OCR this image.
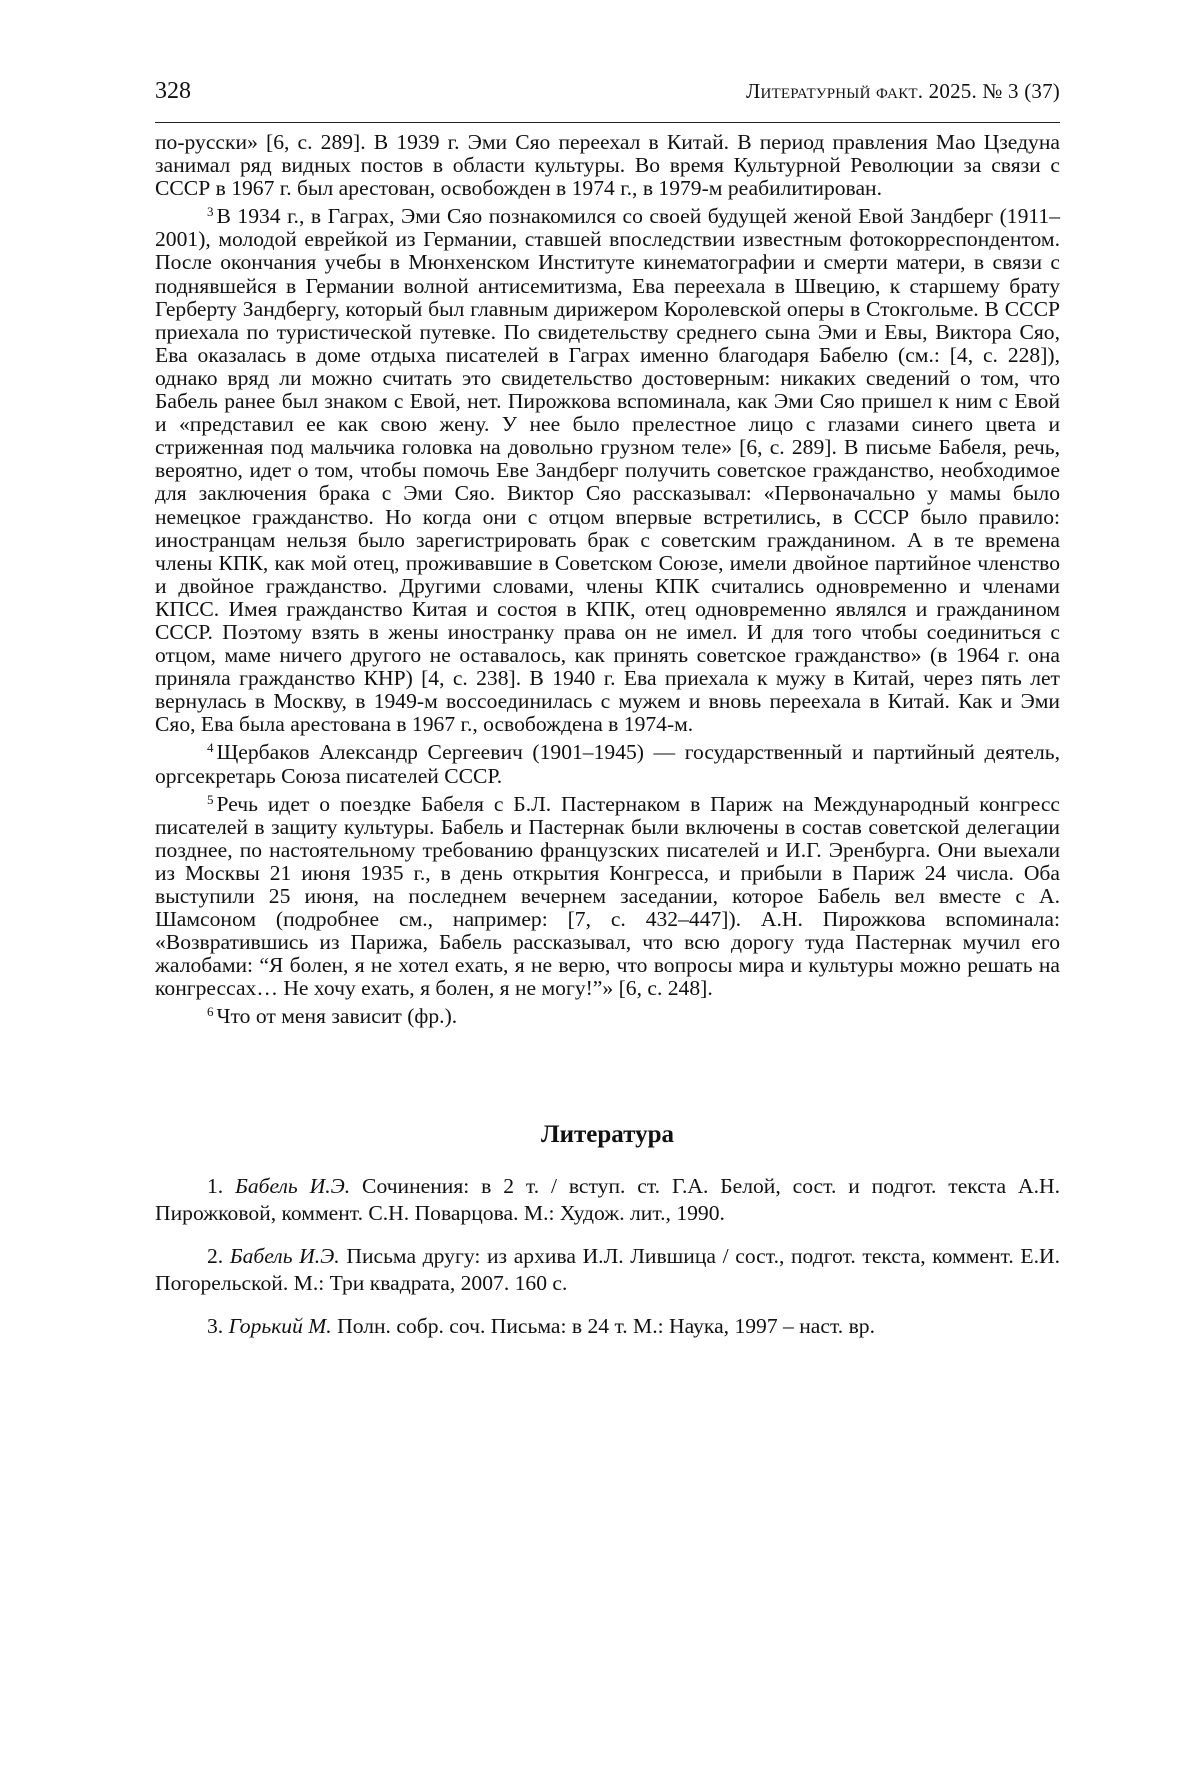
328	Литературный факт. 2025. № 3 (37)

по-русски» [6, с. 289]. В 1939 г. Эми Сяо переехал в Китай. В период правления Мао Цзедуна занимал ряд видных постов в области культуры. Во время Культурной Революции за связи с СССР в 1967 г. был арестован, освобожден в 1974 г., в 1979-м реабилитирован.

$^3$ В 1934 г., в Гаграх, Эми Сяо познакомился со своей будущей женой Евой Зандберг (1911–2001), молодой еврейкой из Германии, ставшей впоследствии известным фотокорреспондентом. После окончания учебы в Мюнхенском Институте кинематографии и смерти матери, в связи с поднявшейся в Германии волной антисемитизма, Ева переехала в Швецию, к старшему брату Герберту Зандбергу, который был главным дирижером Королевской оперы в Стокгольме. В СССР приехала по туристической путевке. По свидетельству среднего сына Эми и Евы, Виктора Сяо, Ева оказалась в доме отдыха писателей в Гаграх именно благодаря Бабелю (см.: [4, с. 228]), однако вряд ли можно считать это свидетельство достоверным: никаких сведений о том, что Бабель ранее был знаком с Евой, нет. Пирожкова вспоминала, как Эми Сяо пришел к ним с Евой и «представил ее как свою жену. У нее было прелестное лицо с глазами синего цвета и стриженная под мальчика головка на довольно грузном теле» [6, с. 289]. В письме Бабеля, речь, вероятно, идет о том, чтобы помочь Еве Зандберг получить советское гражданство, необходимое для заключения брака с Эми Сяо. Виктор Сяо рассказывал: «Первоначально у мамы было немецкое гражданство. Но когда они с отцом впервые встретились, в СССР было правило: иностранцам нельзя было зарегистрировать брак с советским гражданином. А в те времена члены КПК, как мой отец, проживавшие в Советском Союзе, имели двойное партийное членство и двойное гражданство. Другими словами, члены КПК считались одновременно и членами КПСС. Имея гражданство Китая и состоя в КПК, отец одновременно являлся и гражданином СССР. Поэтому взять в жены иностранку права он не имел. И для того чтобы соединиться с отцом, маме ничего другого не оставалось, как принять советское гражданство» (в 1964 г. она приняла гражданство КНР) [4, с. 238]. В 1940 г. Ева приехала к мужу в Китай, через пять лет вернулась в Москву, в 1949-м воссоединилась с мужем и вновь переехала в Китай. Как и Эми Сяо, Ева была арестована в 1967 г., освобождена в 1974-м.

$^4$ Щербаков Александр Сергеевич (1901–1945) — государственный и партийный деятель, оргсекретарь Союза писателей СССР.

$^5$ Речь идет о поездке Бабеля с Б.Л. Пастернаком в Париж на Международный конгресс писателей в защиту культуры. Бабель и Пастернак были включены в состав советской делегации позднее, по настоятельному требованию французских писателей и И.Г. Эренбурга. Они выехали из Москвы 21 июня 1935 г., в день открытия Конгресса, и прибыли в Париж 24 числа. Оба выступили 25 июня, на последнем вечернем заседании, которое Бабель вел вместе с А. Шамсоном (подробнее см., например: [7, с. 432–447]). А.Н. Пирожкова вспоминала: «Возвратившись из Парижа, Бабель рассказывал, что всю дорогу туда Пастернак мучил его жалобами: “Я болен, я не хотел ехать, я не верю, что вопросы мира и культуры можно решать на конгрессах… Не хочу ехать, я болен, я не могу!”» [6, с. 248].

$^6$ Что от меня зависит (фр.).

Литература

1. Бабель И.Э. Сочинения: в 2 т. / вступ. ст. Г.А. Белой, сост. и подгот. текста А.Н. Пирожковой, коммент. С.Н. Поварцова. М.: Худож. лит., 1990.

2. Бабель И.Э. Письма другу: из архива И.Л. Лившица / сост., подгот. текста, коммент. Е.И. Погорельской. М.: Три квадрата, 2007. 160 с.

3. Горький М. Полн. собр. соч. Письма: в 24 т. М.: Наука, 1997 – наст. вр.
